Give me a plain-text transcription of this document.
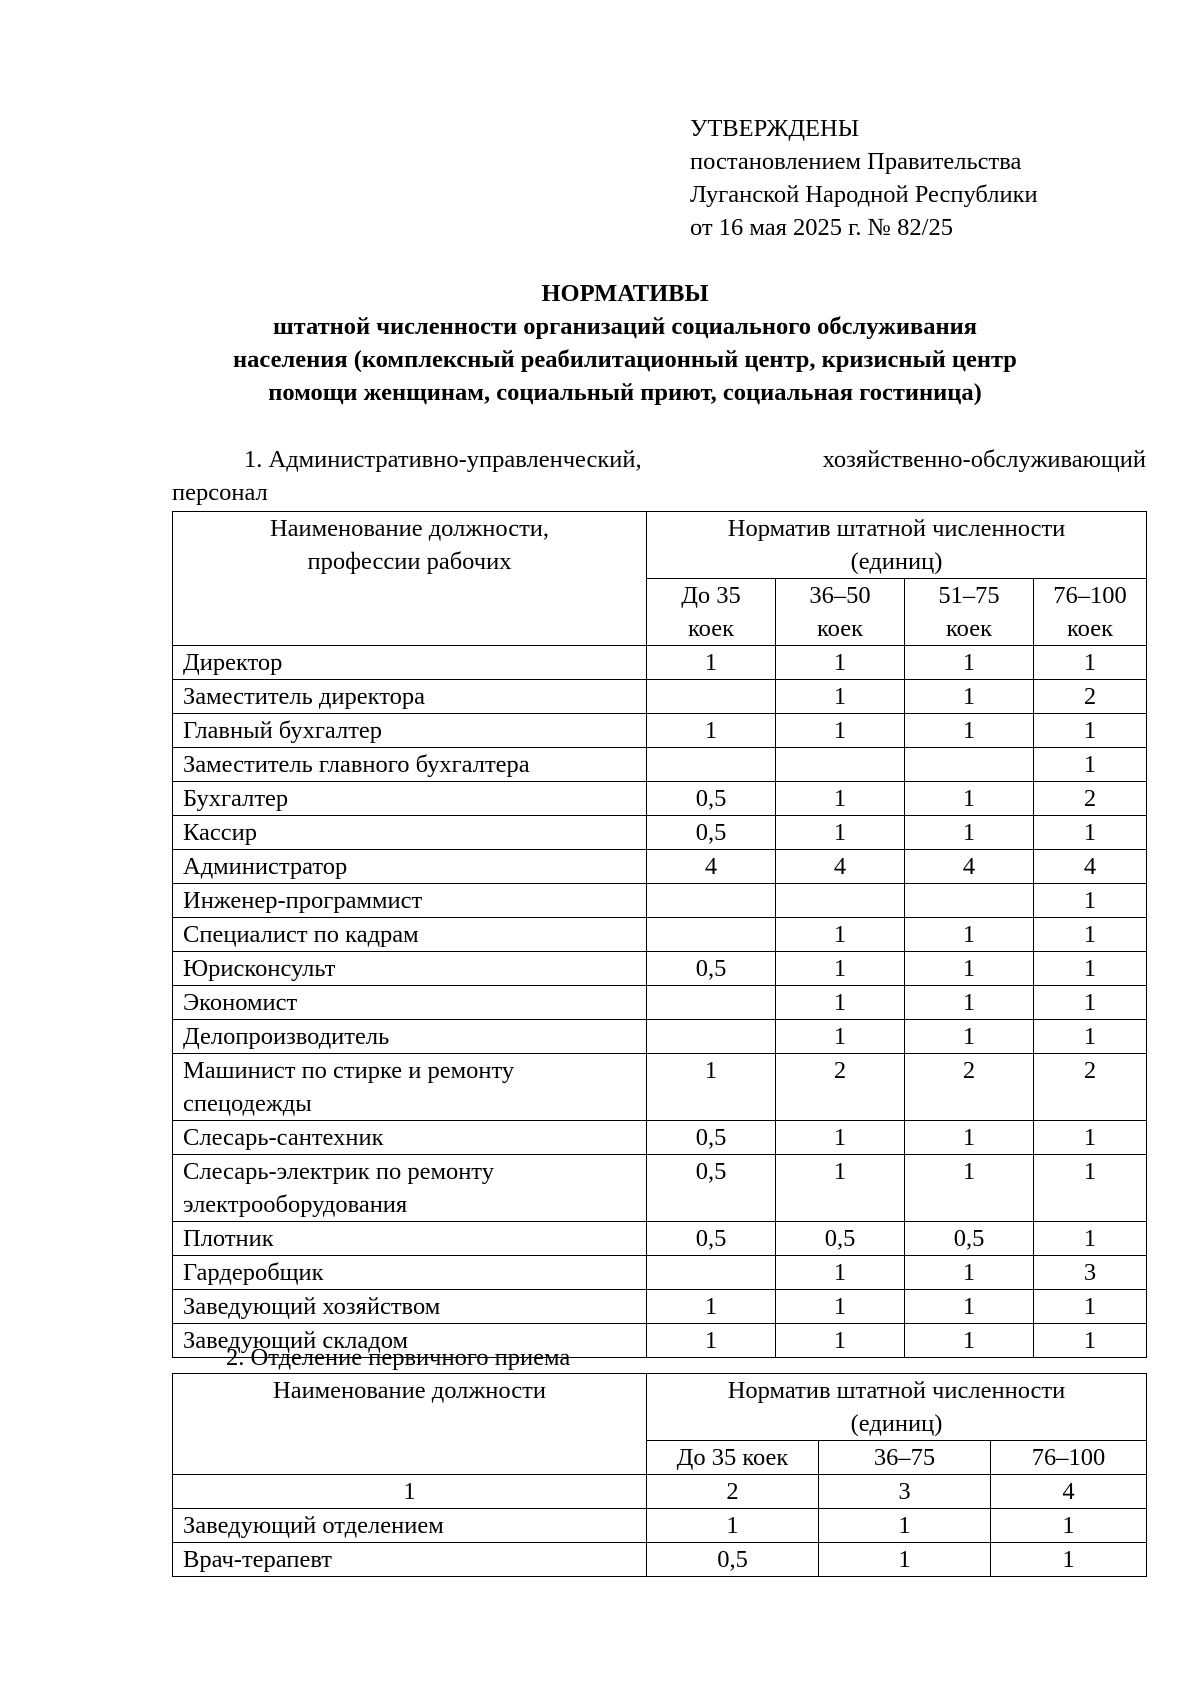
УТВЕРЖДЕНЫ
постановлением Правительства
Луганской Народной Республики
от 16 мая 2025 г. № 82/25
НОРМАТИВЫ
штатной численности организаций социального обслуживания
населения (комплексный реабилитационный центр, кризисный центр
помощи женщинам, социальный приют, социальная гостиница)
1. Административно-управленческий,	хозяйственно-обслуживающий
персонал
Наименование должности, профессии рабочих	Норматив штатной численности (единиц)			
	До 35 коек	36–50 коек	51–75 коек	76–100 коек
Директор	1	1	1	1
Заместитель директора		1	1	2
Главный бухгалтер	1	1	1	1
Заместитель главного бухгалтера				1
Бухгалтер	0,5	1	1	2
Кассир	0,5	1	1	1
Администратор	4	4	4	4
Инженер-программист				1
Специалист по кадрам		1	1	1
Юрисконсульт	0,5	1	1	1
Экономист		1	1	1
Делопроизводитель		1	1	1
Машинист по стирке и ремонту спецодежды	1	2	2	2
Слесарь-сантехник	0,5	1	1	1
Слесарь-электрик по ремонту электрооборудования	0,5	1	1	1
Плотник	0,5	0,5	0,5	1
Гардеробщик		1	1	3
Заведующий хозяйством	1	1	1	1
Заведующий складом	1	1	1	1
2. Отделение первичного приема
Наименование должности	Норматив штатной численности (единиц)		
	До 35 коек	36–75	76–100
1	2	3	4
Заведующий отделением	1	1	1
Врач-терапевт	0,5	1	1
